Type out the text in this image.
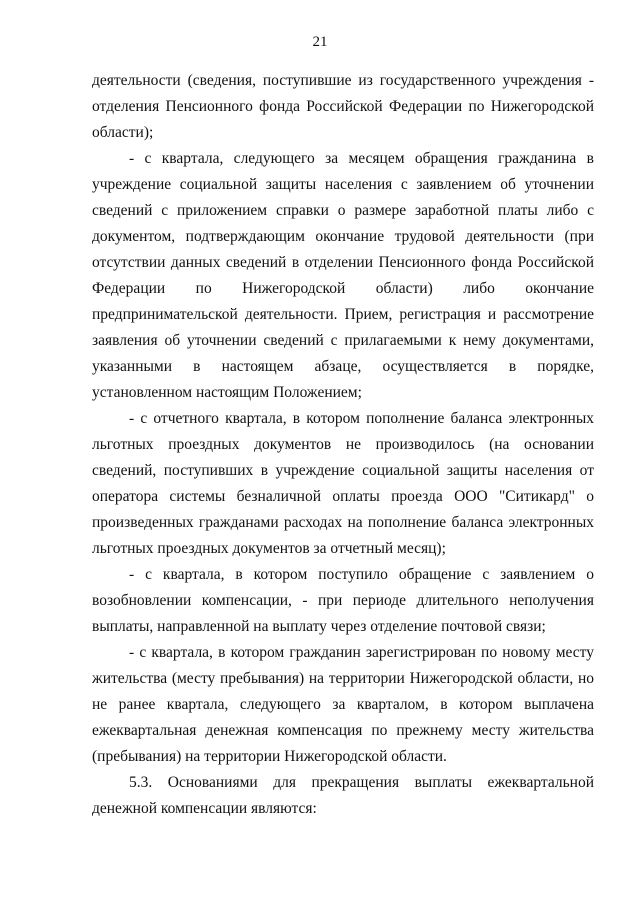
21

деятельности (сведения, поступившие из государственного учреждения - отделения Пенсионного фонда Российской Федерации по Нижегородской области);

- с квартала, следующего за месяцем обращения гражданина в учреждение социальной защиты населения с заявлением об уточнении сведений с приложением справки о размере заработной платы либо с документом, подтверждающим окончание трудовой деятельности (при отсутствии данных сведений в отделении Пенсионного фонда Российской Федерации по Нижегородской области) либо окончание предпринимательской деятельности. Прием, регистрация и рассмотрение заявления об уточнении сведений с прилагаемыми к нему документами, указанными в настоящем абзаце, осуществляется в порядке, установленном настоящим Положением;

- с отчетного квартала, в котором пополнение баланса электронных льготных проездных документов не производилось (на основании сведений, поступивших в учреждение социальной защиты населения от оператора системы безналичной оплаты проезда ООО "Ситикард" о произведенных гражданами расходах на пополнение баланса электронных льготных проездных документов за отчетный месяц);

- с квартала, в котором поступило обращение с заявлением о возобновлении компенсации, - при периоде длительного неполучения выплаты, направленной на выплату через отделение почтовой связи;

- с квартала, в котором гражданин зарегистрирован по новому месту жительства (месту пребывания) на территории Нижегородской области, но не ранее квартала, следующего за кварталом, в котором выплачена ежеквартальная денежная компенсация по прежнему месту жительства (пребывания) на территории Нижегородской области.

5.3. Основаниями для прекращения выплаты ежеквартальной денежной компенсации являются:
